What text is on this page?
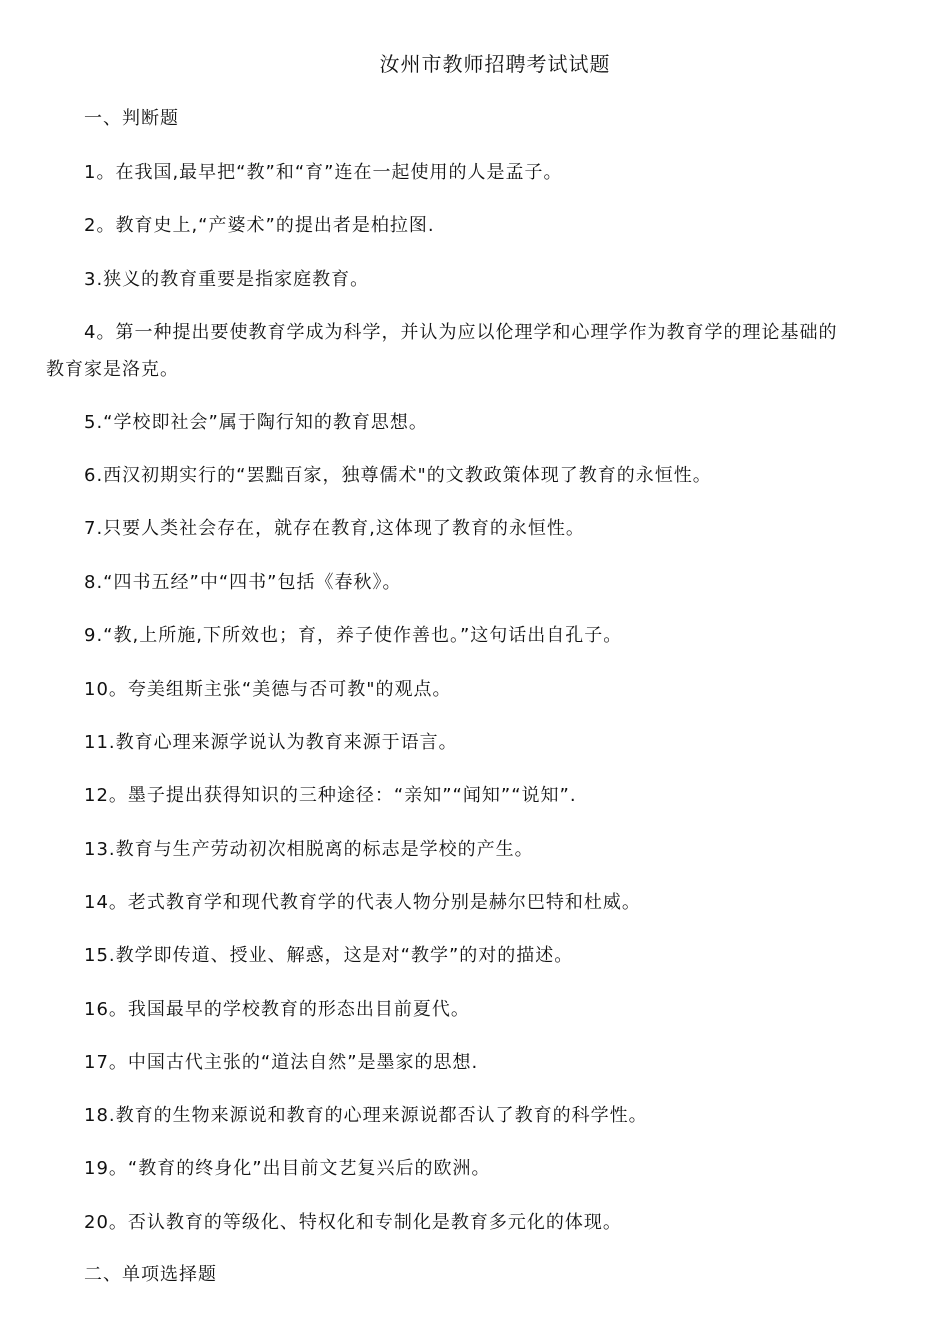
汝州市教师招聘考试试题
一、判断题
1。在我国,最早把“教”和“育”连在一起使用的人是孟子。
2。教育史上,“产婆术”的提出者是柏拉图.
3.狭义的教育重要是指家庭教育。
4。第一种提出要使教育学成为科学，并认为应以伦理学和心理学作为教育学的理论基础的
教育家是洛克。
5.“学校即社会”属于陶行知的教育思想。
6.西汉初期实行的“罢黜百家，独尊儒术"的文教政策体现了教育的永恒性。
7.只要人类社会存在，就存在教育,这体现了教育的永恒性。
8.“四书五经”中“四书”包括《春秋》。
9.“教,上所施,下所效也；育，养子使作善也。”这句话出自孔子。
10。夸美组斯主张“美德与否可教"的观点。
11.教育心理来源学说认为教育来源于语言。
12。墨子提出获得知识的三种途径：“亲知”“闻知”“说知”.
13.教育与生产劳动初次相脱离的标志是学校的产生。
14。老式教育学和现代教育学的代表人物分别是赫尔巴特和杜威。
15.教学即传道、授业、解惑，这是对“教学”的对的描述。
16。我国最早的学校教育的形态出目前夏代。
17。中国古代主张的“道法自然”是墨家的思想.
18.教育的生物来源说和教育的心理来源说都否认了教育的科学性。
19。“教育的终身化”出目前文艺复兴后的欧洲。
20。否认教育的等级化、特权化和专制化是教育多元化的体现。
二、单项选择题
